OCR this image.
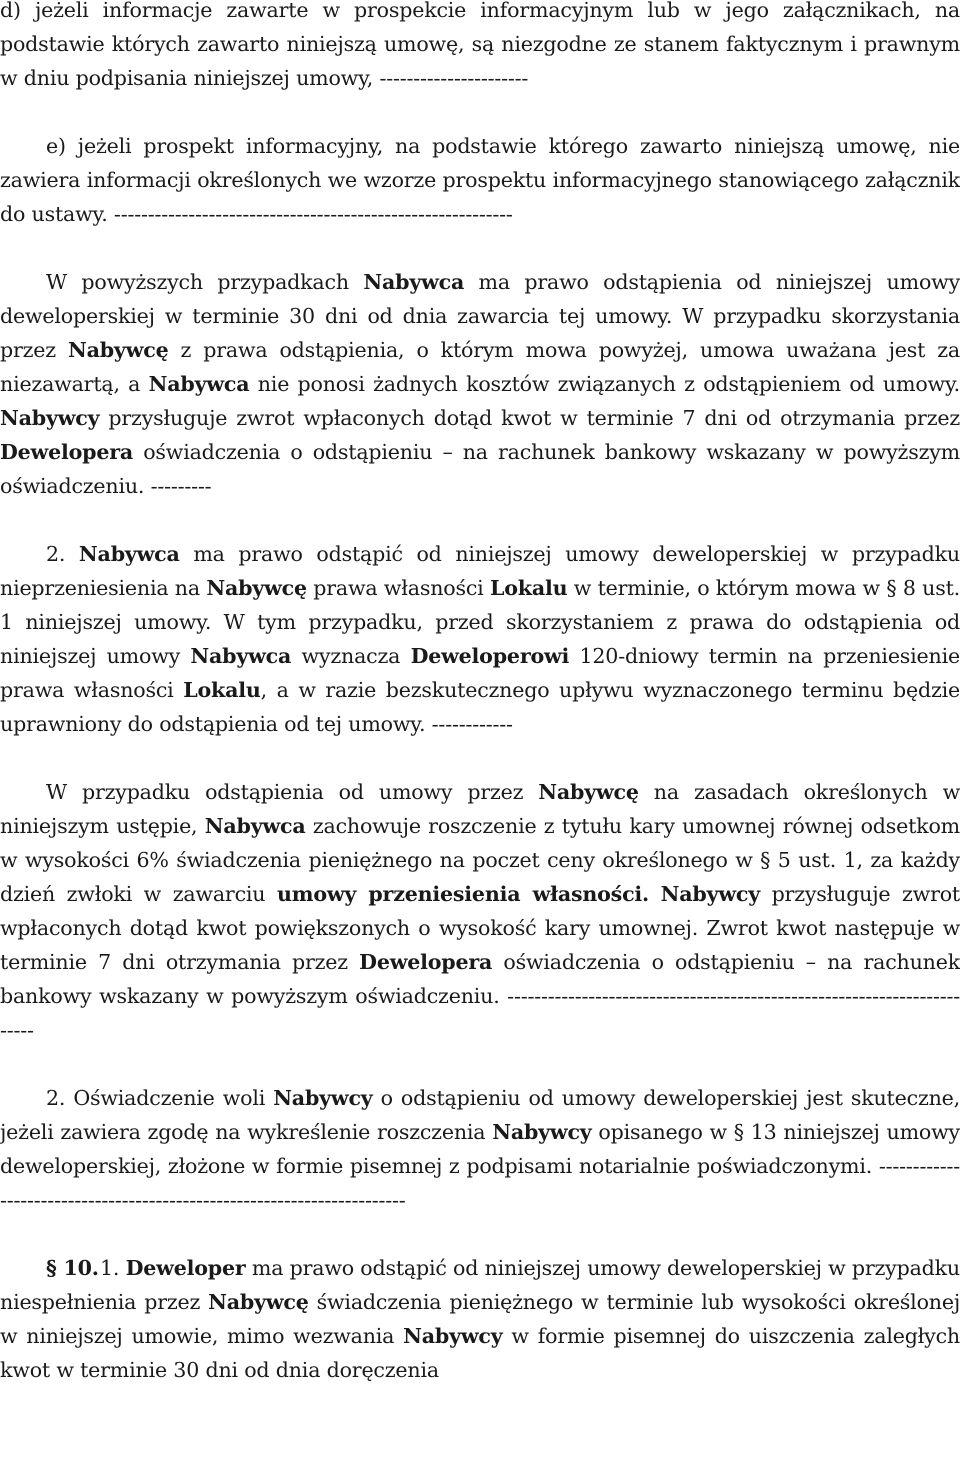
d) jeżeli informacje zawarte w prospekcie informacyjnym lub w jego załącznikach, na podstawie których zawarto niniejszą umowę, są niezgodne ze stanem faktycznym i prawnym w dniu podpisania niniejszej umowy, ----------------------

e) jeżeli prospekt informacyjny, na podstawie którego zawarto niniejszą umowę, nie zawiera informacji określonych we wzorze prospektu informacyjnego stanowiącego załącznik do ustawy. -----------------------------------------------------------

W powyższych przypadkach Nabywca ma prawo odstąpienia od niniejszej umowy deweloperskiej w terminie 30 dni od dnia zawarcia tej umowy. W przypadku skorzystania przez Nabywcę z prawa odstąpienia, o którym mowa powyżej, umowa uważana jest za niezawartą, a Nabywca nie ponosi żadnych kosztów związanych z odstąpieniem od umowy. Nabywcy przysługuje zwrot wpłaconych dotąd kwot w terminie 7 dni od otrzymania przez Dewelopera oświadczenia o odstąpieniu – na rachunek bankowy wskazany w powyższym oświadczeniu. ---------

2. Nabywca ma prawo odstąpić od niniejszej umowy deweloperskiej w przypadku nieprzeniesienia na Nabywcę prawa własności Lokalu w terminie, o którym mowa w § 8 ust. 1 niniejszej umowy. W tym przypadku, przed skorzystaniem z prawa do odstąpienia od niniejszej umowy Nabywca wyznacza Deweloperowi 120-dniowy termin na przeniesienie prawa własności Lokalu, a w razie bezskutecznego upływu wyznaczonego terminu będzie uprawniony do odstąpienia od tej umowy. ------------

W przypadku odstąpienia od umowy przez Nabywcę na zasadach określonych w niniejszym ustępie, Nabywca zachowuje roszczenie z tytułu kary umownej równej odsetkom w wysokości 6% świadczenia pieniężnego na poczet ceny określonego w § 5 ust. 1, za każdy dzień zwłoki w zawarciu umowy przeniesienia własności. Nabywcy przysługuje zwrot wpłaconych dotąd kwot powiększonych o wysokość kary umownej. Zwrot kwot następuje w terminie 7 dni otrzymania przez Dewelopera oświadczenia o odstąpieniu – na rachunek bankowy wskazany w powyższym oświadczeniu. ------------------------------------------------------------------------

2. Oświadczenie woli Nabywcy o odstąpieniu od umowy deweloperskiej jest skuteczne, jeżeli zawiera zgodę na wykreślenie roszczenia Nabywcy opisanego w § 13 niniejszej umowy deweloperskiej, złożone w formie pisemnej z podpisami notarialnie poświadczonymi. ------------------------------------------------------------------------

§ 10.1. Deweloper ma prawo odstąpić od niniejszej umowy deweloperskiej w przypadku niespełnienia przez Nabywcę świadczenia pieniężnego w terminie lub wysokości określonej w niniejszej umowie, mimo wezwania Nabywcy w formie pisemnej do uiszczenia zaległych kwot w terminie 30 dni od dnia doręczenia
